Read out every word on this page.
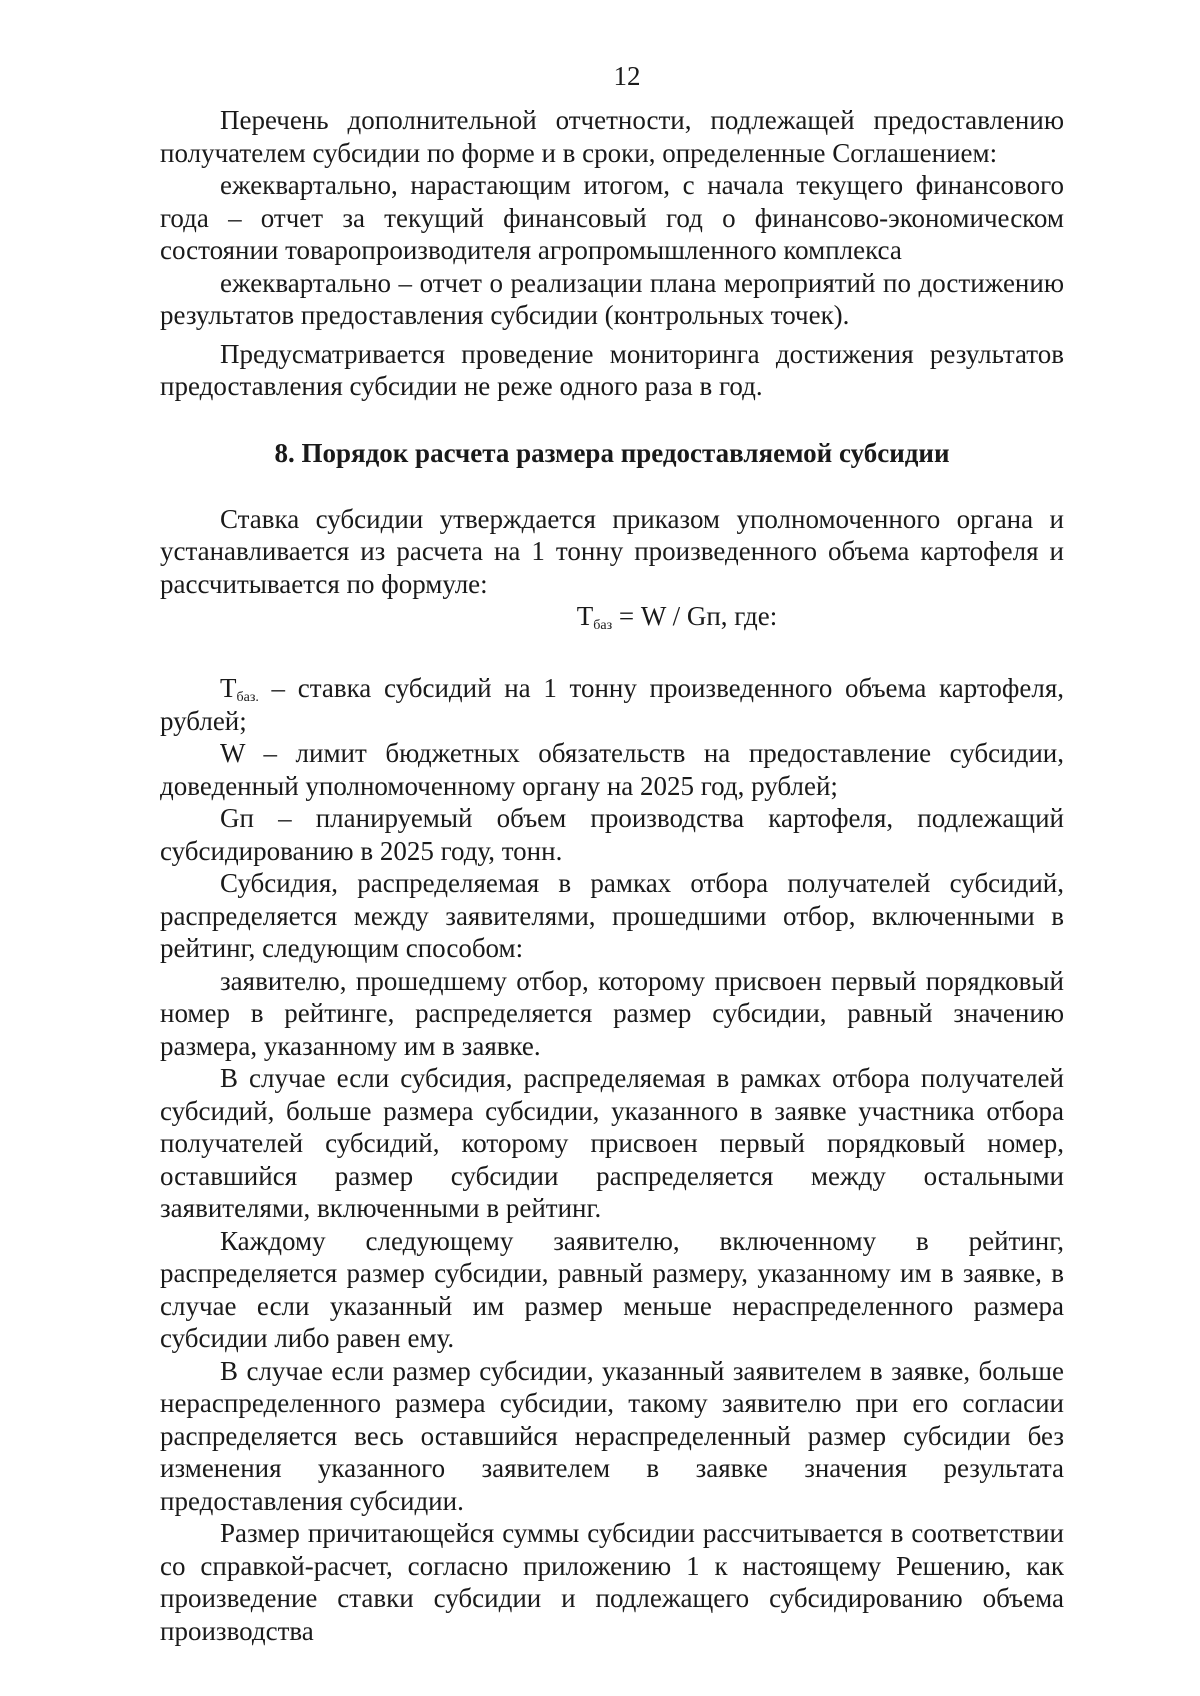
12

Перечень дополнительной отчетности, подлежащей предоставлению получателем субсидии по форме и в сроки, определенные Соглашением:

ежеквартально, нарастающим итогом, с начала текущего финансового года – отчет за текущий финансовый год о финансово-экономическом состоянии товаропроизводителя агропромышленного комплекса

ежеквартально – отчет о реализации плана мероприятий по достижению результатов предоставления субсидии (контрольных точек).

Предусматривается проведение мониторинга достижения результатов предоставления субсидии не реже одного раза в год.

8. Порядок расчета размера предоставляемой субсидии

Ставка субсидии утверждается приказом уполномоченного органа и устанавливается из расчета на 1 тонну произведенного объема картофеля и рассчитывается по формуле:

$T_{баз} = W$ / Gп, где:

$T_{баз.}$ – ставка субсидий на 1 тонну произведенного объема картофеля, рублей;

W – лимит бюджетных обязательств на предоставление субсидии, доведенный уполномоченному органу на 2025 год, рублей;

Gп – планируемый объем производства картофеля, подлежащий субсидированию в 2025 году, тонн.

Субсидия, распределяемая в рамках отбора получателей субсидий, распределяется между заявителями, прошедшими отбор, включенными в рейтинг, следующим способом:

заявителю, прошедшему отбор, которому присвоен первый порядковый номер в рейтинге, распределяется размер субсидии, равный значению размера, указанному им в заявке.

В случае если субсидия, распределяемая в рамках отбора получателей субсидий, больше размера субсидии, указанного в заявке участника отбора получателей субсидий, которому присвоен первый порядковый номер, оставшийся размер субсидии распределяется между остальными заявителями, включенными в рейтинг.

Каждому следующему заявителю, включенному в рейтинг, распределяется размер субсидии, равный размеру, указанному им в заявке, в случае если указанный им размер меньше нераспределенного размера субсидии либо равен ему.

В случае если размер субсидии, указанный заявителем в заявке, больше нераспределенного размера субсидии, такому заявителю при его согласии распределяется весь оставшийся нераспределенный размер субсидии без изменения указанного заявителем в заявке значения результата предоставления субсидии.

Размер причитающейся суммы субсидии рассчитывается в соответствии со справкой-расчет, согласно приложению 1 к настоящему Решению, как произведение ставки субсидии и подлежащего субсидированию объема производства
